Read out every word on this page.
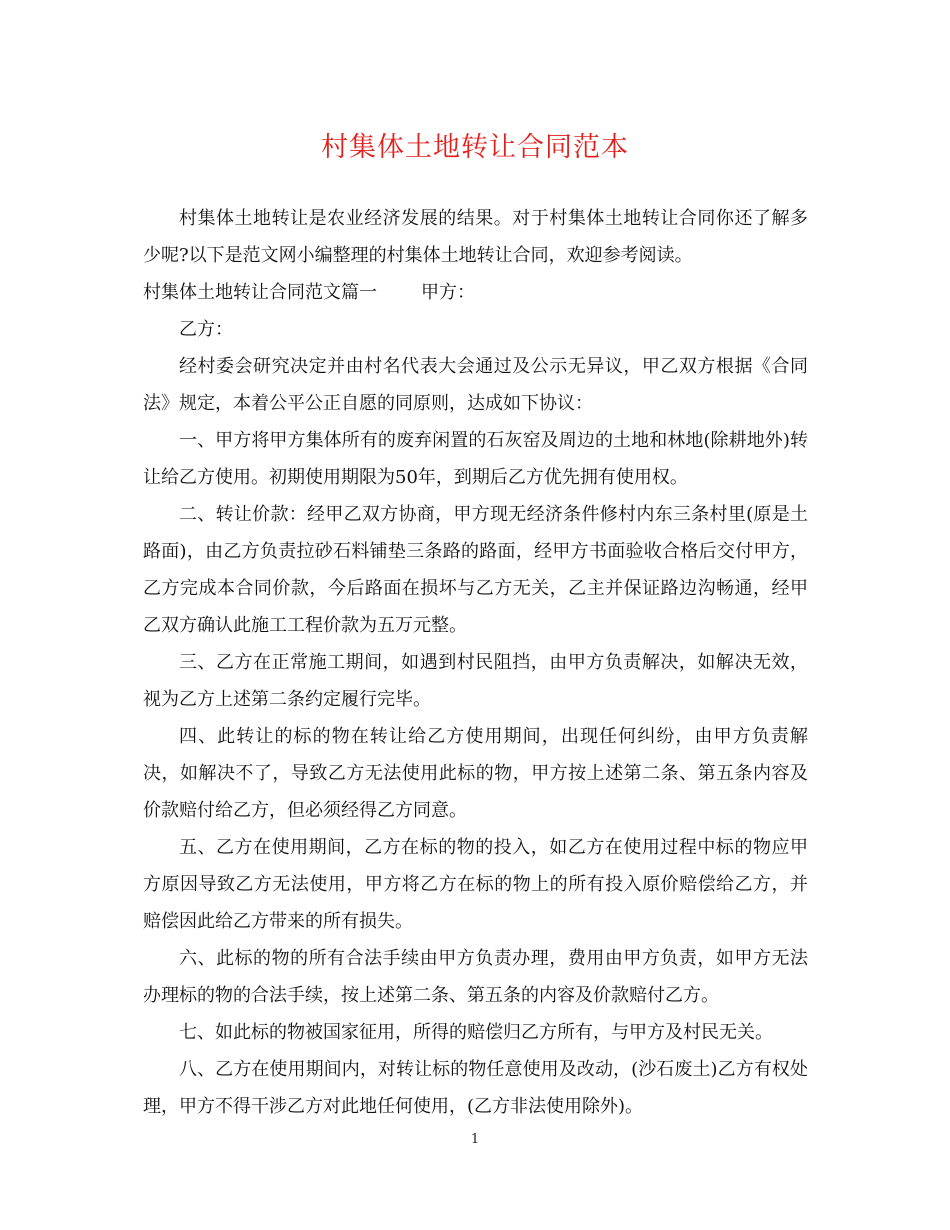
村集体土地转让合同范本

村集体土地转让是农业经济发展的结果。对于村集体土地转让合同你还了解多少呢?以下是范文网小编整理的村集体土地转让合同，欢迎参考阅读。

村集体土地转让合同范文篇一 甲方：

乙方：

经村委会研究决定并由村名代表大会通过及公示无异议，甲乙双方根据《合同法》规定，本着公平公正自愿的同原则，达成如下协议：

一、甲方将甲方集体所有的废弃闲置的石灰窑及周边的土地和林地(除耕地外)转让给乙方使用。初期使用期限为50年，到期后乙方优先拥有使用权。

二、转让价款：经甲乙双方协商，甲方现无经济条件修村内东三条村里(原是土路面)，由乙方负责拉砂石料铺垫三条路的路面，经甲方书面验收合格后交付甲方，乙方完成本合同价款，今后路面在损坏与乙方无关，乙主并保证路边沟畅通，经甲乙双方确认此施工工程价款为五万元整。

三、乙方在正常施工期间，如遇到村民阻挡，由甲方负责解决，如解决无效，视为乙方上述第二条约定履行完毕。

四、此转让的标的物在转让给乙方使用期间，出现任何纠纷，由甲方负责解决，如解决不了，导致乙方无法使用此标的物，甲方按上述第二条、第五条内容及价款赔付给乙方，但必须经得乙方同意。

五、乙方在使用期间，乙方在标的物的投入，如乙方在使用过程中标的物应甲方原因导致乙方无法使用，甲方将乙方在标的物上的所有投入原价赔偿给乙方，并赔偿因此给乙方带来的所有损失。

六、此标的物的所有合法手续由甲方负责办理，费用由甲方负责，如甲方无法办理标的物的合法手续，按上述第二条、第五条的内容及价款赔付乙方。

七、如此标的物被国家征用，所得的赔偿归乙方所有，与甲方及村民无关。

八、乙方在使用期间内，对转让标的物任意使用及改动，(沙石废土)乙方有权处理，甲方不得干涉乙方对此地任何使用，(乙方非法使用除外)。

1
